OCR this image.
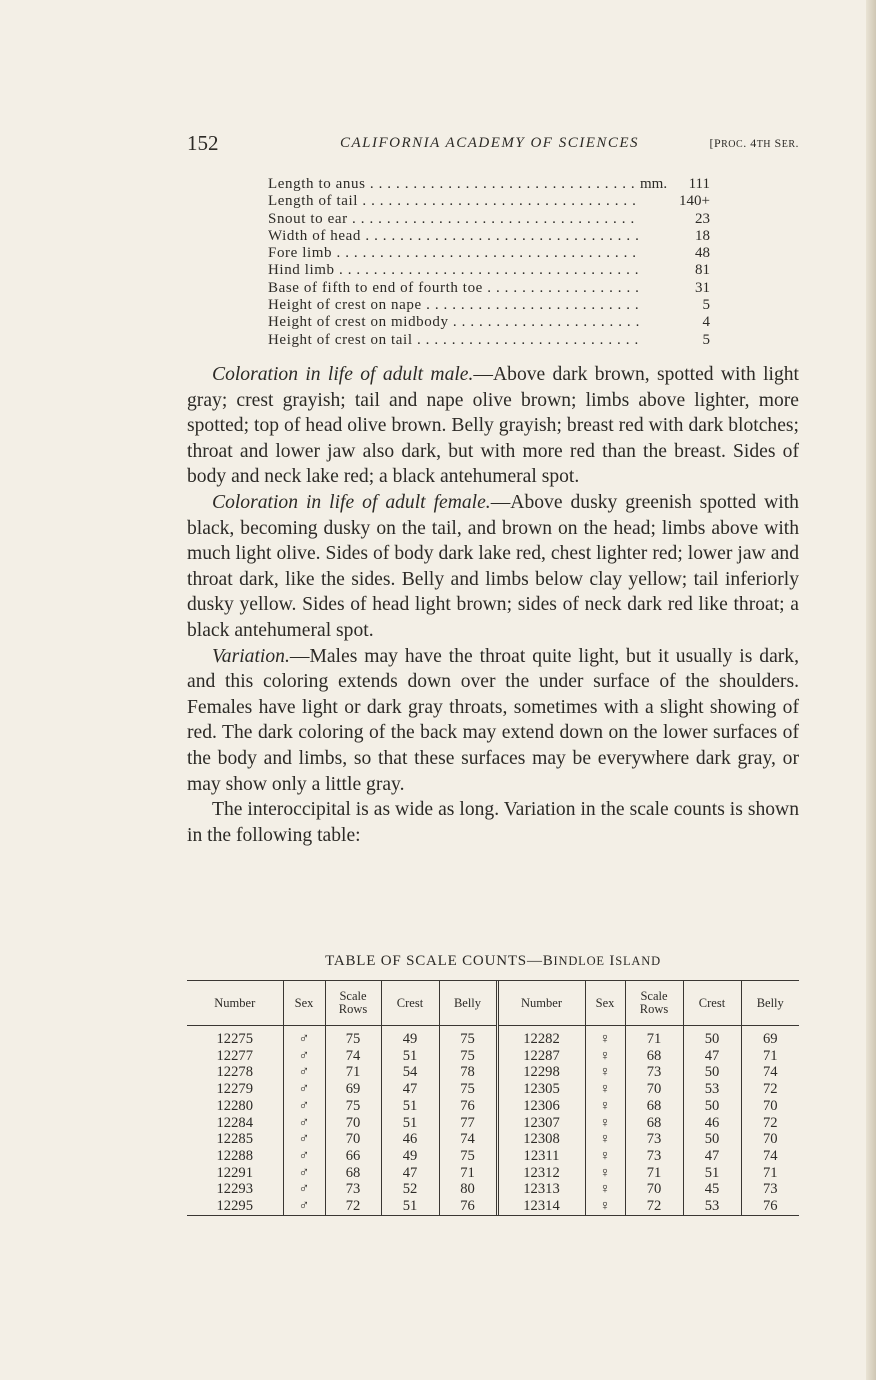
152	CALIFORNIA ACADEMY OF SCIENCES	[PROC. 4TH SER.
Length to anus . . .	mm.	111
Length of tail . . .	140+
Snout to ear . . .	23
Width of head . . .	18
Fore limb . . .	48
Hind limb . . .	81
Base of fifth to end of fourth toe . . .	31
Height of crest on nape . . .	5
Height of crest on midbody . . .	4
Height of crest on tail . . .	5

Coloration in life of adult male.—Above dark brown, spotted with light gray; crest grayish; tail and nape olive brown; limbs above lighter, more spotted; top of head olive brown. Belly grayish; breast red with dark blotches; throat and lower jaw also dark, but with more red than the breast. Sides of body and neck lake red; a black antehumeral spot.

Coloration in life of adult female.—Above dusky greenish spotted with black, becoming dusky on the tail, and brown on the head; limbs above with much light olive. Sides of body dark lake red, chest lighter red; lower jaw and throat dark, like the sides. Belly and limbs below clay yellow; tail inferiorly dusky yellow. Sides of head light brown; sides of neck dark red like throat; a black antehumeral spot.

Variation.—Males may have the throat quite light, but it usually is dark, and this coloring extends down over the under surface of the shoulders. Females have light or dark gray throats, sometimes with a slight showing of red. The dark coloring of the back may extend down on the lower surfaces of the body and limbs, so that these surfaces may be everywhere dark gray, or may show only a little gray.

The interoccipital is as wide as long. Variation in the scale counts is shown in the following table:

TABLE OF SCALE COUNTS—BINDLOE ISLAND
Number	Sex	Scale Rows	Crest	Belly	Number	Sex	Scale Rows	Crest	Belly
12275	♂	75	49	75	12282	♀	71	50	69
12277	♂	74	51	75	12287	♀	68	47	71
12278	♂	71	54	78	12298	♀	73	50	74
12279	♂	69	47	75	12305	♀	70	53	72
12280	♂	75	51	76	12306	♀	68	50	70
12284	♂	70	51	77	12307	♀	68	46	72
12285	♂	70	46	74	12308	♀	73	50	70
12288	♂	66	49	75	12311	♀	73	47	74
12291	♂	68	47	71	12312	♀	71	51	71
12293	♂	73	52	80	12313	♀	70	45	73
12295	♂	72	51	76	12314	♀	72	53	76
